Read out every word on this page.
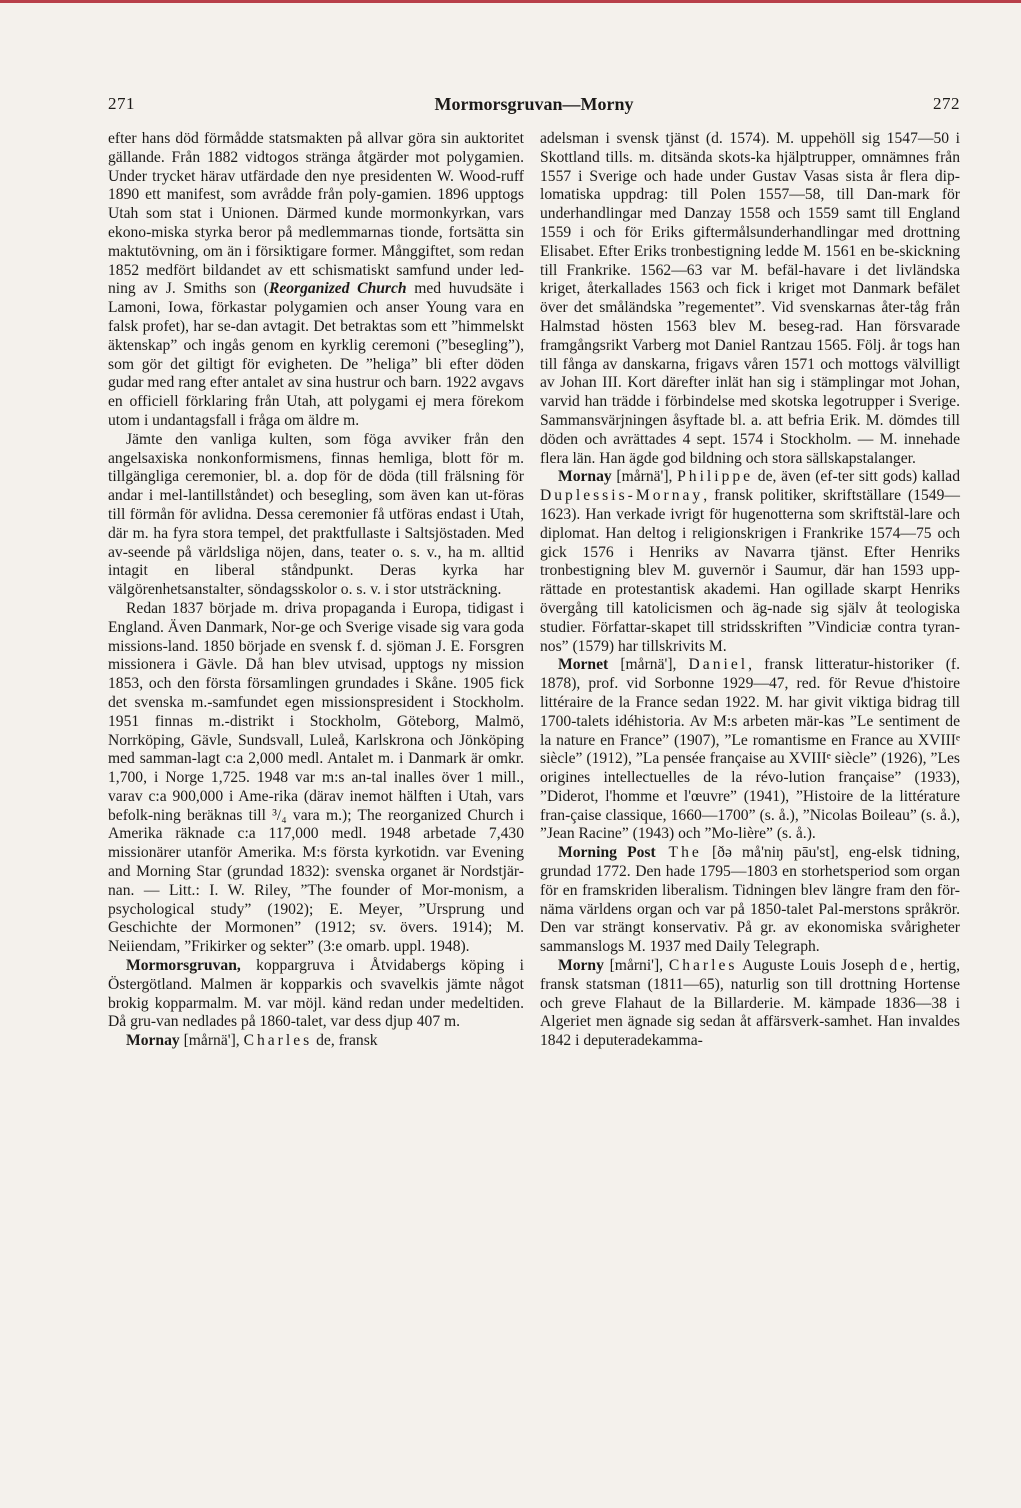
271	Mormorsgruvan—Morny	272

efter hans död förmådde statsmakten på allvar göra sin auktoritet gällande. Från 1882 vidtogos stränga åtgärder mot polygamien. Under trycket härav utfärdade den nye presidenten W. Wood-ruff 1890 ett manifest, som avrådde från poly-gamien. 1896 upptogs Utah som stat i Unionen. Därmed kunde mormonkyrkan, vars ekono-miska styrka beror på medlemmarnas tionde, fortsätta sin maktutövning, om än i försiktigare former. Månggiftet, som redan 1852 medfört bildandet av ett schismatiskt samfund under led-ning av J. Smiths son (Reorganized Church med huvudsäte i Lamoni, Iowa, förkastar polygamien och anser Young vara en falsk profet), har se-dan avtagit. Det betraktas som ett ”himmelskt äktenskap” och ingås genom en kyrklig ceremoni (”besegling”), som gör det giltigt för evigheten. De ”heliga” bli efter döden gudar med rang efter antalet av sina hustrur och barn. 1922 avgavs en officiell förklaring från Utah, att polygami ej mera förekom utom i undantagsfall i fråga om äldre m.

Jämte den vanliga kulten, som föga avviker från den angelsaxiska nonkonformismens, finnas hemliga, blott för m. tillgängliga ceremonier, bl. a. dop för de döda (till frälsning för andar i mel-lantillståndet) och besegling, som även kan ut-föras till förmån för avlidna. Dessa ceremonier få utföras endast i Utah, där m. ha fyra stora tempel, det praktfullaste i Saltsjöstaden. Med av-seende på världsliga nöjen, dans, teater o. s. v., ha m. alltid intagit en liberal ståndpunkt. Deras kyrka har välgörenhetsanstalter, söndagsskolor o. s. v. i stor utsträckning.

Redan 1837 började m. driva propaganda i Europa, tidigast i England. Även Danmark, Nor-ge och Sverige visade sig vara goda missions-land. 1850 började en svensk f. d. sjöman J. E. Forsgren missionera i Gävle. Då han blev utvisad, upptogs ny mission 1853, och den första församlingen grundades i Skåne. 1905 fick det svenska m.-samfundet egen missionspresident i Stockholm. 1951 finnas m.-distrikt i Stockholm, Göteborg, Malmö, Norrköping, Gävle, Sundsvall, Luleå, Karlskrona och Jönköping med samman-lagt c:a 2,000 medl. Antalet m. i Danmark är omkr. 1,700, i Norge 1,725. 1948 var m:s an-tal inalles över 1 mill., varav c:a 900,000 i Ame-rika (därav inemot hälften i Utah, vars befolk-ning beräknas till ³/₄ vara m.); The reorganized Church i Amerika räknade c:a 117,000 medl. 1948 arbetade 7,430 missionärer utanför Amerika. M:s första kyrkotidn. var Evening and Morning Star (grundad 1832): svenska organet är Nordstjär-nan. — Litt.: I. W. Riley, ”The founder of Mor-monism, a psychological study” (1902); E. Meyer, ”Ursprung und Geschichte der Mormonen” (1912; sv. övers. 1914); M. Neiiendam, ”Frikirker og sekter” (3:e omarb. uppl. 1948).

Mormorsgruvan, koppargruva i Åtvidabergs köping i Östergötland. Malmen är kopparkis och svavelkis jämte något brokig kopparmalm. M. var möjl. känd redan under medeltiden. Då gru-van nedlades på 1860-talet, var dess djup 407 m.

Mornay [mårnä'], Charles de, fransk

adelsman i svensk tjänst (d. 1574). M. uppehöll sig 1547—50 i Skottland tills. m. ditsända skots-ka hjälptrupper, omnämnes från 1557 i Sverige och hade under Gustav Vasas sista år flera dip-lomatiska uppdrag: till Polen 1557—58, till Dan-mark för underhandlingar med Danzay 1558 och 1559 samt till England 1559 i och för Eriks giftermålsunderhandlingar med drottning Elisabet. Efter Eriks tronbestigning ledde M. 1561 en be-skickning till Frankrike. 1562—63 var M. befäl-havare i det livländska kriget, återkallades 1563 och fick i kriget mot Danmark befälet över det småländska ”regementet”. Vid svenskarnas åter-tåg från Halmstad hösten 1563 blev M. beseg-rad. Han försvarade framgångsrikt Varberg mot Daniel Rantzau 1565. Följ. år togs han till fånga av danskarna, frigavs våren 1571 och mottogs välvilligt av Johan III. Kort därefter inlät han sig i stämplingar mot Johan, varvid han trädde i förbindelse med skotska legotrupper i Sverige. Sammansvärjningen åsyftade bl. a. att befria Erik. M. dömdes till döden och avrättades 4 sept. 1574 i Stockholm. — M. innehade flera län. Han ägde god bildning och stora sällskapstalanger.

Mornay [mårnä'], Philippe de, även (ef-ter sitt gods) kallad Duplessis-Mornay, fransk politiker, skriftställare (1549—1623). Han verkade ivrigt för hugenotterna som skriftstäl-lare och diplomat. Han deltog i religionskrigen i Frankrike 1574—75 och gick 1576 i Henriks av Navarra tjänst. Efter Henriks tronbestigning blev M. guvernör i Saumur, där han 1593 upp-rättade en protestantisk akademi. Han ogillade skarpt Henriks övergång till katolicismen och äg-nade sig själv åt teologiska studier. Författar-skapet till stridsskriften ”Vindiciæ contra tyran-nos” (1579) har tillskrivits M.

Mornet [mårnä'], Daniel, fransk litteratur-historiker (f. 1878), prof. vid Sorbonne 1929—47, red. för Revue d'histoire littéraire de la France sedan 1922. M. har givit viktiga bidrag till 1700-talets idéhistoria. Av M:s arbeten mär-kas ”Le sentiment de la nature en France” (1907), ”Le romantisme en France au XVIIIᵉ siècle” (1912), ”La pensée française au XVIIIᵉ siècle” (1926), ”Les origines intellectuelles de la révo-lution française” (1933), ”Diderot, l'homme et l'œuvre” (1941), ”Histoire de la littérature fran-çaise classique, 1660—1700” (s. å.), ”Nicolas Boileau” (s. å.), ”Jean Racine” (1943) och ”Mo-lière” (s. å.).

Morning Post The [ðə må'niŋ pāu'st], eng-elsk tidning, grundad 1772. Den hade 1795—1803 en storhetsperiod som organ för en framskriden liberalism. Tidningen blev längre fram den för-näma världens organ och var på 1850-talet Pal-merstons språkrör. Den var strängt konservativ. På gr. av ekonomiska svårigheter sammanslogs M. 1937 med Daily Telegraph.

Morny [mårni'], Charles Auguste Louis Joseph de, hertig, fransk statsman (1811—65), naturlig son till drottning Hortense och greve Flahaut de la Billarderie. M. kämpade 1836—38 i Algeriet men ägnade sig sedan åt affärsverk-samhet. Han invaldes 1842 i deputeradekamma-
